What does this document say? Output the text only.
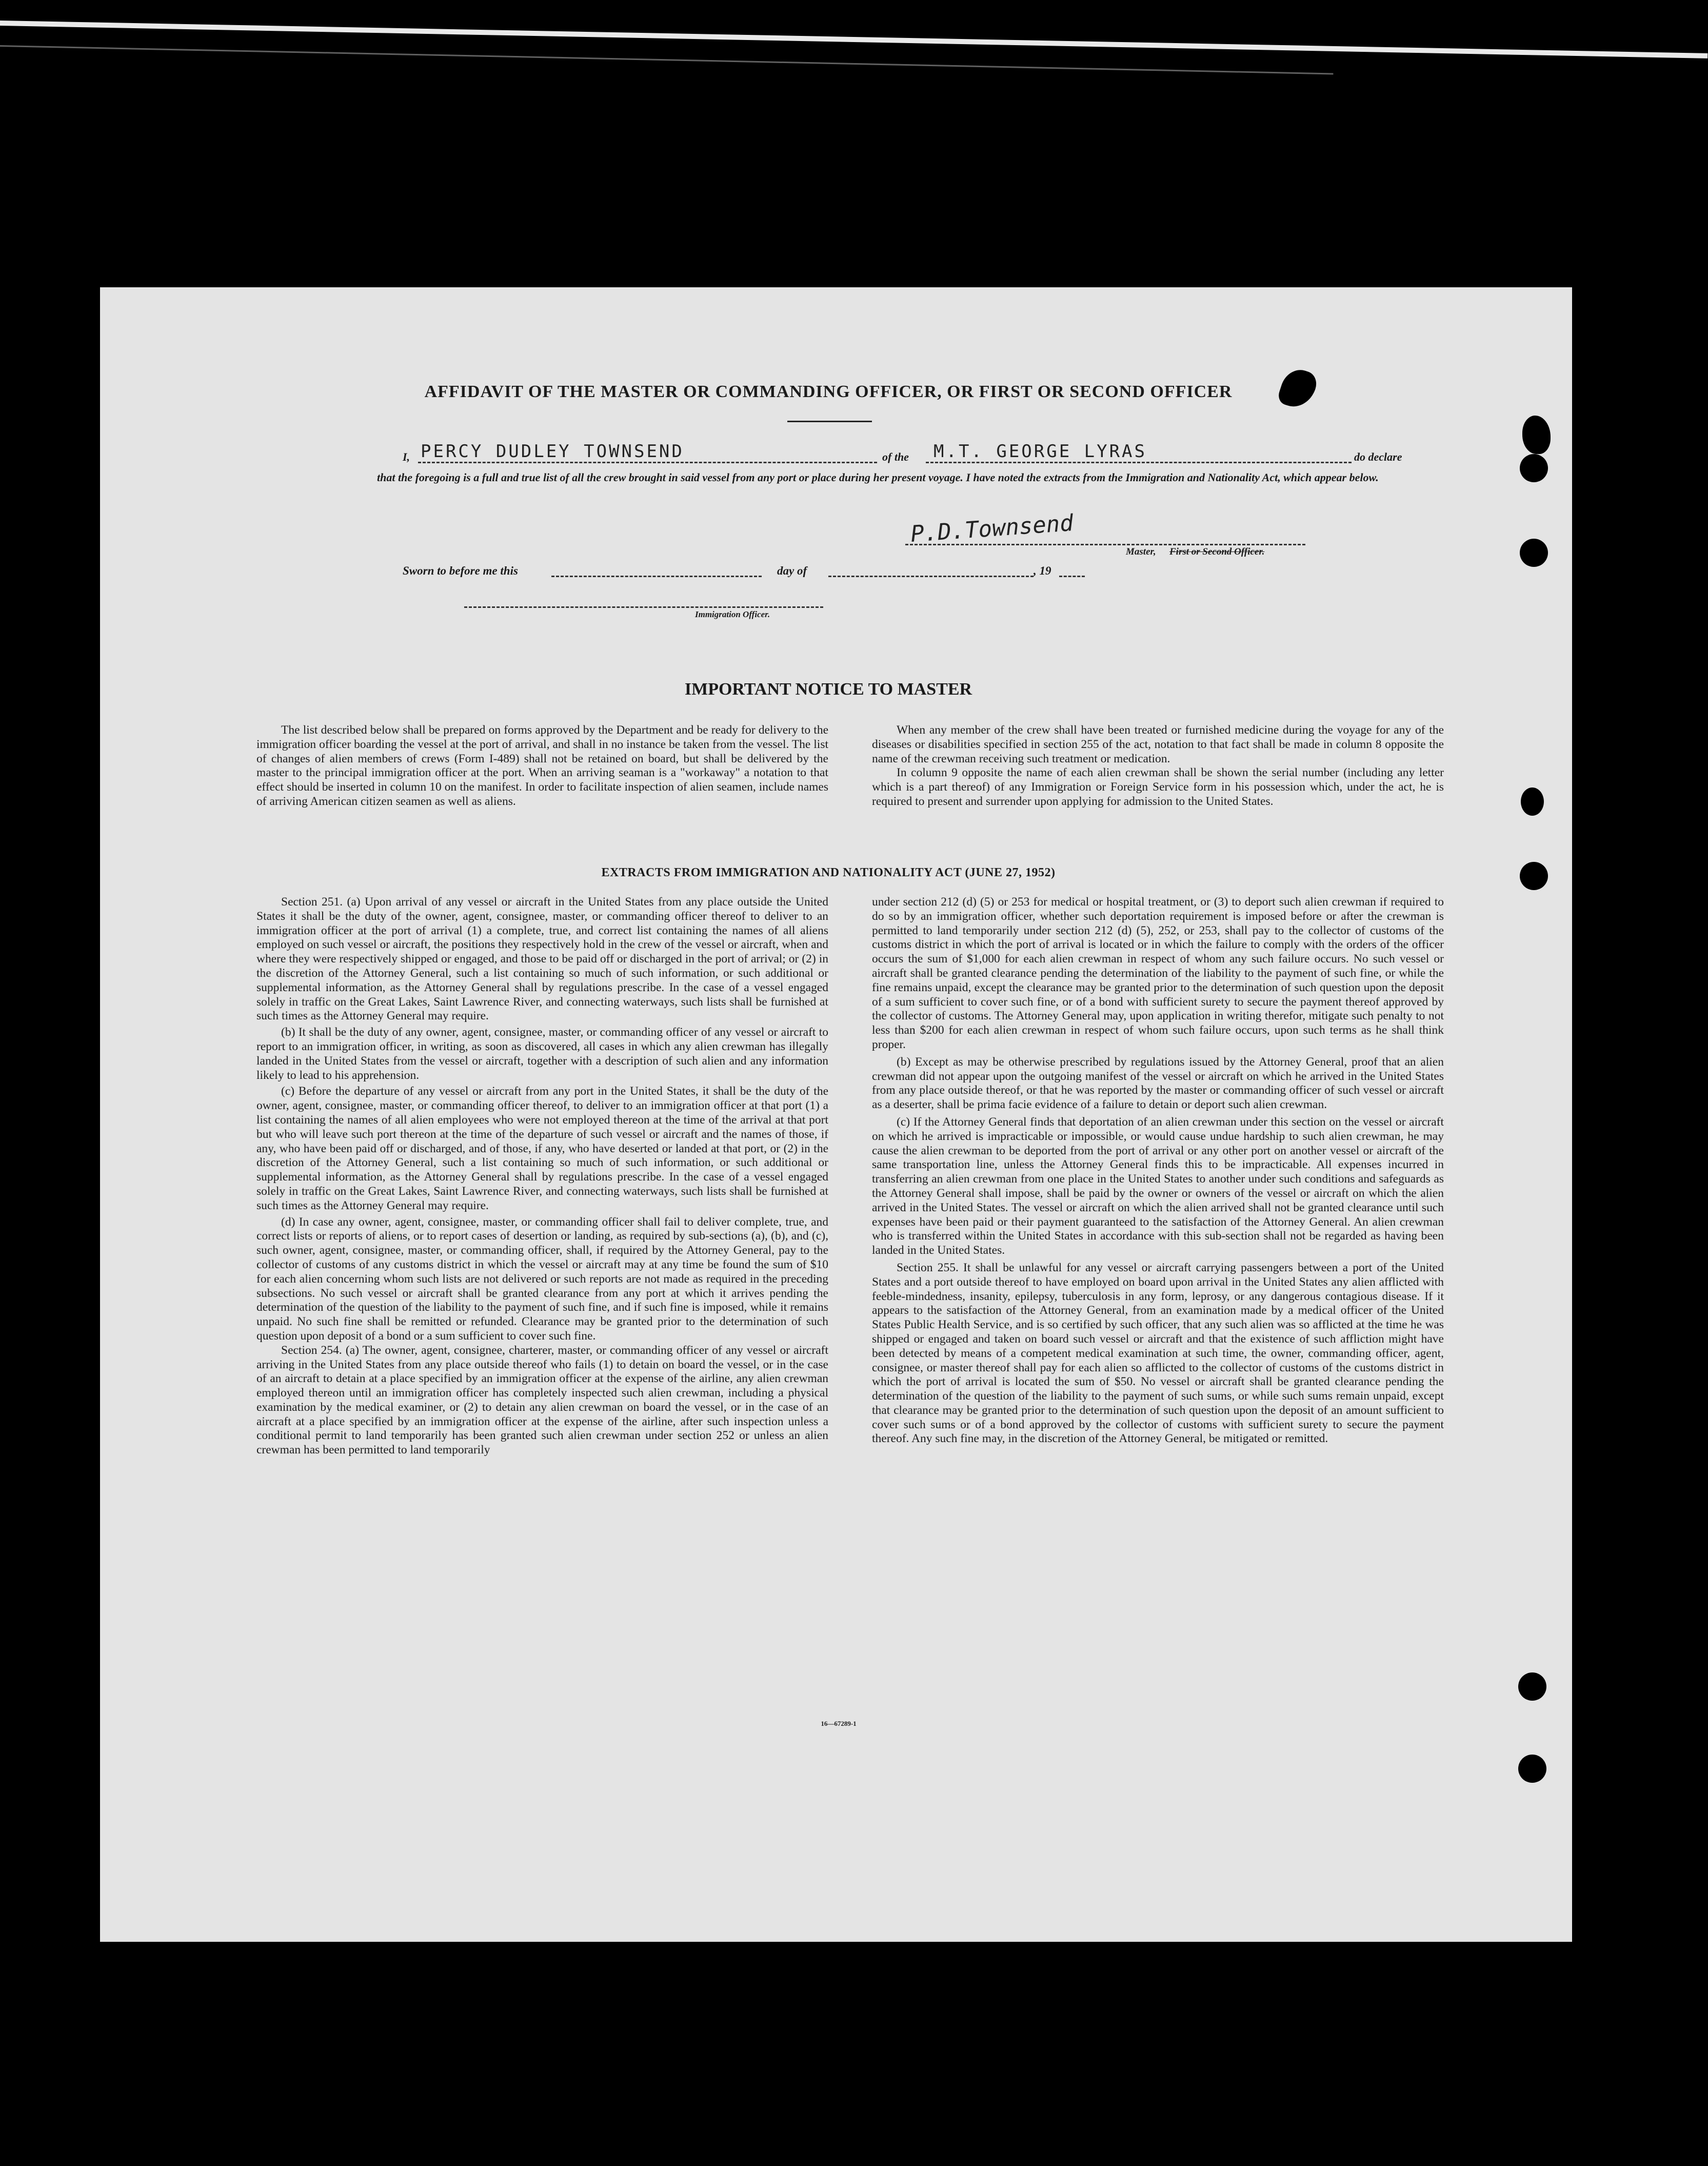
AFFIDAVIT OF THE MASTER OR COMMANDING OFFICER, OR FIRST OR SECOND OFFICER
I, PERCY DUDLEY TOWNSEND	of the M.T. GEORGE LYRAS	do declare
that the foregoing is a full and true list of all the crew brought in said vessel from any port or place during her present voyage. I have noted the extracts from the Immigration and Nationality Act, which appear below.
P.D.Townsend
Master, First or Second Officer.
Sworn to before me this	day of	, 19
Immigration Officer.
IMPORTANT NOTICE TO MASTER

The list described below shall be prepared on forms approved by the Department and be ready for delivery to the immigration officer boarding the vessel at the port of arrival, and shall in no instance be taken from the vessel. The list of changes of alien members of crews (Form I-489) shall not be retained on board, but shall be delivered by the master to the principal immigration officer at the port. When an arriving seaman is a "workaway" a notation to that effect should be inserted in column 10 on the manifest. In order to facilitate inspection of alien seamen, include names of arriving American citizen seamen as well as aliens.

When any member of the crew shall have been treated or furnished medicine during the voyage for any of the diseases or disabilities specified in section 255 of the act, notation to that fact shall be made in column 8 opposite the name of the crewman receiving such treatment or medication.

In column 9 opposite the name of each alien crewman shall be shown the serial number (including any letter which is a part thereof) of any Immigration or Foreign Service form in his possession which, under the act, he is required to present and surrender upon applying for admission to the United States.

EXTRACTS FROM IMMIGRATION AND NATIONALITY ACT (JUNE 27, 1952)

Section 251. (a) Upon arrival of any vessel or aircraft in the United States from any place outside the United States it shall be the duty of the owner, agent, consignee, master, or commanding officer thereof to deliver to an immigration officer at the port of arrival (1) a complete, true, and correct list containing the names of all aliens employed on such vessel or aircraft, the positions they respectively hold in the crew of the vessel or aircraft, when and where they were respectively shipped or engaged, and those to be paid off or discharged in the port of arrival; or (2) in the discretion of the Attorney General, such a list containing so much of such information, or such additional or supplemental information, as the Attorney General shall by regulations prescribe. In the case of a vessel engaged solely in traffic on the Great Lakes, Saint Lawrence River, and connecting waterways, such lists shall be furnished at such times as the Attorney General may require.

(b) It shall be the duty of any owner, agent, consignee, master, or commanding officer of any vessel or aircraft to report to an immigration officer, in writing, as soon as discovered, all cases in which any alien crewman has illegally landed in the United States from the vessel or aircraft, together with a description of such alien and any information likely to lead to his apprehension.

(c) Before the departure of any vessel or aircraft from any port in the United States, it shall be the duty of the owner, agent, consignee, master, or commanding officer thereof, to deliver to an immigration officer at that port (1) a list containing the names of all alien employees who were not employed thereon at the time of the arrival at that port but who will leave such port thereon at the time of the departure of such vessel or aircraft and the names of those, if any, who have been paid off or discharged, and of those, if any, who have deserted or landed at that port, or (2) in the discretion of the Attorney General, such a list containing so much of such information, or such additional or supplemental information, as the Attorney General shall by regulations prescribe. In the case of a vessel engaged solely in traffic on the Great Lakes, Saint Lawrence River, and connecting waterways, such lists shall be furnished at such times as the Attorney General may require.

(d) In case any owner, agent, consignee, master, or commanding officer shall fail to deliver complete, true, and correct lists or reports of aliens, or to report cases of desertion or landing, as required by sub-sections (a), (b), and (c), such owner, agent, consignee, master, or commanding officer, shall, if required by the Attorney General, pay to the collector of customs of any customs district in which the vessel or aircraft may at any time be found the sum of $10 for each alien concerning whom such lists are not delivered or such reports are not made as required in the preceding subsections. No such vessel or aircraft shall be granted clearance from any port at which it arrives pending the determination of the question of the liability to the payment of such fine, and if such fine is imposed, while it remains unpaid. No such fine shall be remitted or refunded. Clearance may be granted prior to the determination of such question upon deposit of a bond or a sum sufficient to cover such fine.

Section 254. (a) The owner, agent, consignee, charterer, master, or commanding officer of any vessel or aircraft arriving in the United States from any place outside thereof who fails (1) to detain on board the vessel, or in the case of an aircraft to detain at a place specified by an immigration officer at the expense of the airline, any alien crewman employed thereon until an immigration officer has completely inspected such alien crewman, including a physical examination by the medical examiner, or (2) to detain any alien crewman on board the vessel, or in the case of an aircraft at a place specified by an immigration officer at the expense of the airline, after such inspection unless a conditional permit to land temporarily has been granted such alien crewman under section 252 or unless an alien crewman has been permitted to land temporarily

under section 212 (d) (5) or 253 for medical or hospital treatment, or (3) to deport such alien crewman if required to do so by an immigration officer, whether such deportation requirement is imposed before or after the crewman is permitted to land temporarily under section 212 (d) (5), 252, or 253, shall pay to the collector of customs of the customs district in which the port of arrival is located or in which the failure to comply with the orders of the officer occurs the sum of $1,000 for each alien crewman in respect of whom any such failure occurs. No such vessel or aircraft shall be granted clearance pending the determination of the liability to the payment of such fine, or while the fine remains unpaid, except the clearance may be granted prior to the determination of such question upon the deposit of a sum sufficient to cover such fine, or of a bond with sufficient surety to secure the payment thereof approved by the collector of customs. The Attorney General may, upon application in writing therefor, mitigate such penalty to not less than $200 for each alien crewman in respect of whom such failure occurs, upon such terms as he shall think proper.

(b) Except as may be otherwise prescribed by regulations issued by the Attorney General, proof that an alien crewman did not appear upon the outgoing manifest of the vessel or aircraft on which he arrived in the United States from any place outside thereof, or that he was reported by the master or commanding officer of such vessel or aircraft as a deserter, shall be prima facie evidence of a failure to detain or deport such alien crewman.

(c) If the Attorney General finds that deportation of an alien crewman under this section on the vessel or aircraft on which he arrived is impracticable or impossible, or would cause undue hardship to such alien crewman, he may cause the alien crewman to be deported from the port of arrival or any other port on another vessel or aircraft of the same transportation line, unless the Attorney General finds this to be impracticable. All expenses incurred in transferring an alien crewman from one place in the United States to another under such conditions and safeguards as the Attorney General shall impose, shall be paid by the owner or owners of the vessel or aircraft on which the alien arrived in the United States. The vessel or aircraft on which the alien arrived shall not be granted clearance until such expenses have been paid or their payment guaranteed to the satisfaction of the Attorney General. An alien crewman who is transferred within the United States in accordance with this sub-section shall not be regarded as having been landed in the United States.

Section 255. It shall be unlawful for any vessel or aircraft carrying passengers between a port of the United States and a port outside thereof to have employed on board upon arrival in the United States any alien afflicted with feeble-mindedness, insanity, epilepsy, tuberculosis in any form, leprosy, or any dangerous contagious disease. If it appears to the satisfaction of the Attorney General, from an examination made by a medical officer of the United States Public Health Service, and is so certified by such officer, that any such alien was so afflicted at the time he was shipped or engaged and taken on board such vessel or aircraft and that the existence of such affliction might have been detected by means of a competent medical examination at such time, the owner, commanding officer, agent, consignee, or master thereof shall pay for each alien so afflicted to the collector of customs of the customs district in which the port of arrival is located the sum of $50. No vessel or aircraft shall be granted clearance pending the determination of the question of the liability to the payment of such sums, or while such sums remain unpaid, except that clearance may be granted prior to the determination of such question upon the deposit of an amount sufficient to cover such sums or of a bond approved by the collector of customs with sufficient surety to secure the payment thereof. Any such fine may, in the discretion of the Attorney General, be mitigated or remitted.

16—67289-1
